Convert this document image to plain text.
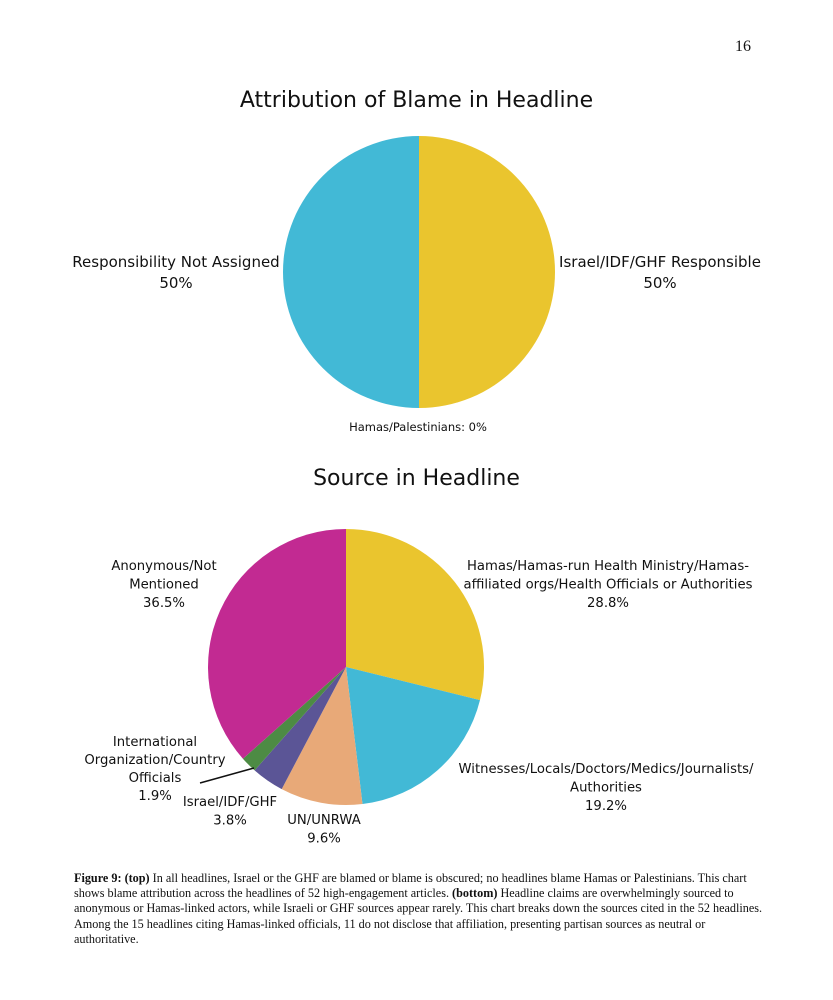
16
Attribution of Blame in Headline
Source in Headline
Israel/IDF/GHF Responsible
50%
Responsibility Not Assigned
50%
Hamas/Palestinians: 0%
Hamas/Hamas-run Health Ministry/Hamas-
affiliated orgs/Health Officials or Authorities
28.8%
Witnesses/Locals/Doctors/Medics/Journalists/
Authorities
19.2%
UN/UNRWA
9.6%
Israel/IDF/GHF
3.8%
International
Organization/Country
Officials
1.9%
Anonymous/Not
Mentioned
36.5%
Figure 9: (top) In all headlines, Israel or the GHF are blamed or blame is obscured; no headlines blame Hamas or Palestinians. This chart shows blame attribution across the headlines of 52 high-engagement articles. (bottom) Headline claims are overwhelmingly sourced to anonymous or Hamas-linked actors, while Israeli or GHF sources appear rarely. This chart breaks down the sources cited in the 52 headlines. Among the 15 headlines citing Hamas-linked officials, 11 do not disclose that affiliation, presenting partisan sources as neutral or authoritative.
